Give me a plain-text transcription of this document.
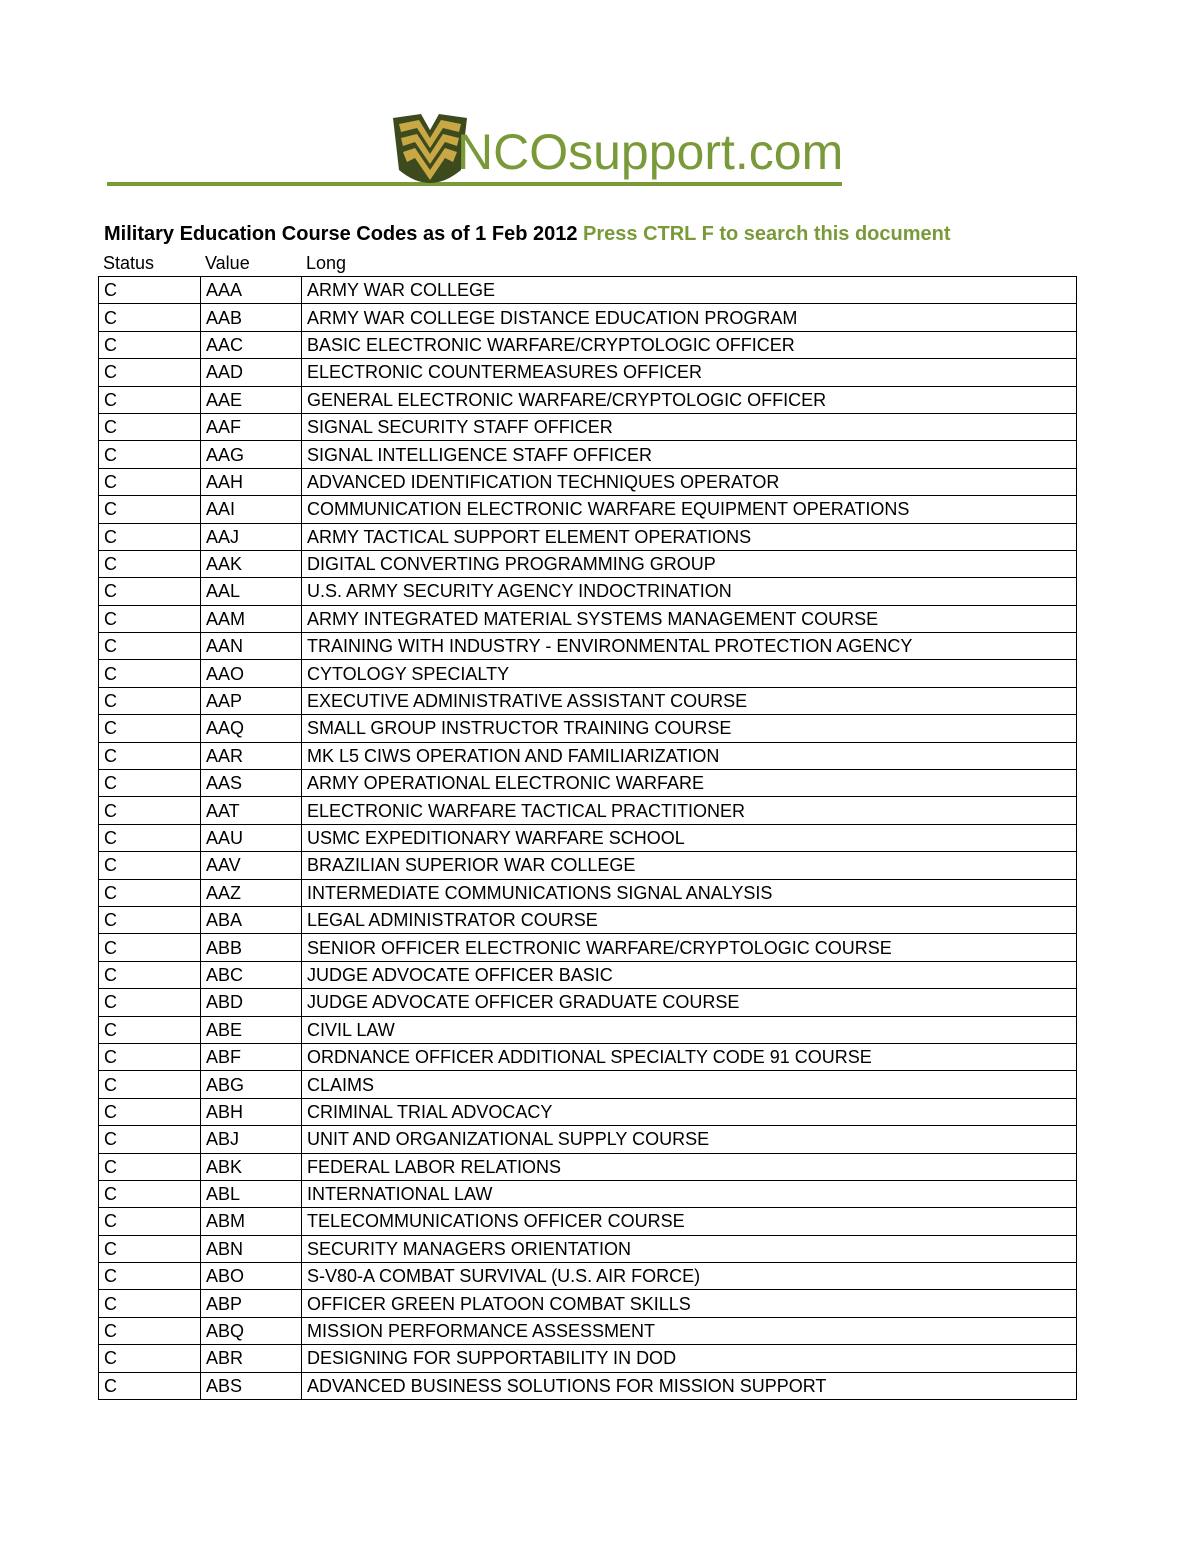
NCOsupport.com
Military Education Course Codes as of 1 Feb 2012 Press CTRL F to search this document
Status	Value	Long
C	AAA	ARMY WAR COLLEGE
C	AAB	ARMY WAR COLLEGE DISTANCE EDUCATION PROGRAM
C	AAC	BASIC ELECTRONIC WARFARE/CRYPTOLOGIC OFFICER
C	AAD	ELECTRONIC COUNTERMEASURES OFFICER
C	AAE	GENERAL ELECTRONIC WARFARE/CRYPTOLOGIC OFFICER
C	AAF	SIGNAL SECURITY STAFF OFFICER
C	AAG	SIGNAL INTELLIGENCE STAFF OFFICER
C	AAH	ADVANCED IDENTIFICATION TECHNIQUES OPERATOR
C	AAI	COMMUNICATION ELECTRONIC WARFARE EQUIPMENT OPERATIONS
C	AAJ	ARMY TACTICAL SUPPORT ELEMENT OPERATIONS
C	AAK	DIGITAL CONVERTING PROGRAMMING GROUP
C	AAL	U.S. ARMY SECURITY AGENCY INDOCTRINATION
C	AAM	ARMY INTEGRATED MATERIAL SYSTEMS MANAGEMENT COURSE
C	AAN	TRAINING WITH INDUSTRY - ENVIRONMENTAL PROTECTION AGENCY
C	AAO	CYTOLOGY SPECIALTY
C	AAP	EXECUTIVE ADMINISTRATIVE ASSISTANT COURSE
C	AAQ	SMALL GROUP INSTRUCTOR TRAINING COURSE
C	AAR	MK L5 CIWS OPERATION AND FAMILIARIZATION
C	AAS	ARMY OPERATIONAL ELECTRONIC WARFARE
C	AAT	ELECTRONIC WARFARE TACTICAL PRACTITIONER
C	AAU	USMC EXPEDITIONARY WARFARE SCHOOL
C	AAV	BRAZILIAN SUPERIOR WAR COLLEGE
C	AAZ	INTERMEDIATE COMMUNICATIONS SIGNAL ANALYSIS
C	ABA	LEGAL ADMINISTRATOR COURSE
C	ABB	SENIOR OFFICER ELECTRONIC WARFARE/CRYPTOLOGIC COURSE
C	ABC	JUDGE ADVOCATE OFFICER BASIC
C	ABD	JUDGE ADVOCATE OFFICER GRADUATE COURSE
C	ABE	CIVIL LAW
C	ABF	ORDNANCE OFFICER ADDITIONAL SPECIALTY CODE 91 COURSE
C	ABG	CLAIMS
C	ABH	CRIMINAL TRIAL ADVOCACY
C	ABJ	UNIT AND ORGANIZATIONAL SUPPLY COURSE
C	ABK	FEDERAL LABOR RELATIONS
C	ABL	INTERNATIONAL LAW
C	ABM	TELECOMMUNICATIONS OFFICER COURSE
C	ABN	SECURITY MANAGERS ORIENTATION
C	ABO	S-V80-A COMBAT SURVIVAL (U.S. AIR FORCE)
C	ABP	OFFICER GREEN PLATOON COMBAT SKILLS
C	ABQ	MISSION PERFORMANCE ASSESSMENT
C	ABR	DESIGNING FOR SUPPORTABILITY IN DOD
C	ABS	ADVANCED BUSINESS SOLUTIONS FOR MISSION SUPPORT
